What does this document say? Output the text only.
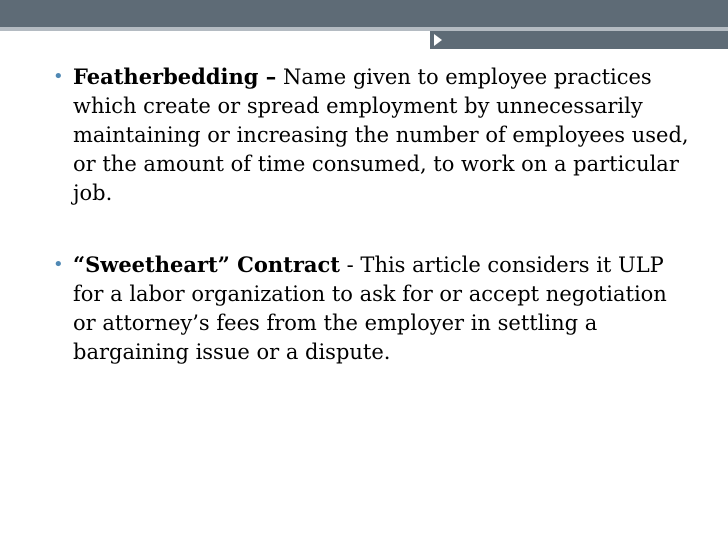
• Featherbedding – Name given to employee practices which create or spread employment by unnecessarily maintaining or increasing the number of employees used, or the amount of time consumed, to work on a particular job.
• “Sweetheart” Contract - This article considers it ULP for a labor organization to ask for or accept negotiation or attorney’s fees from the employer in settling a bargaining issue or a dispute.
